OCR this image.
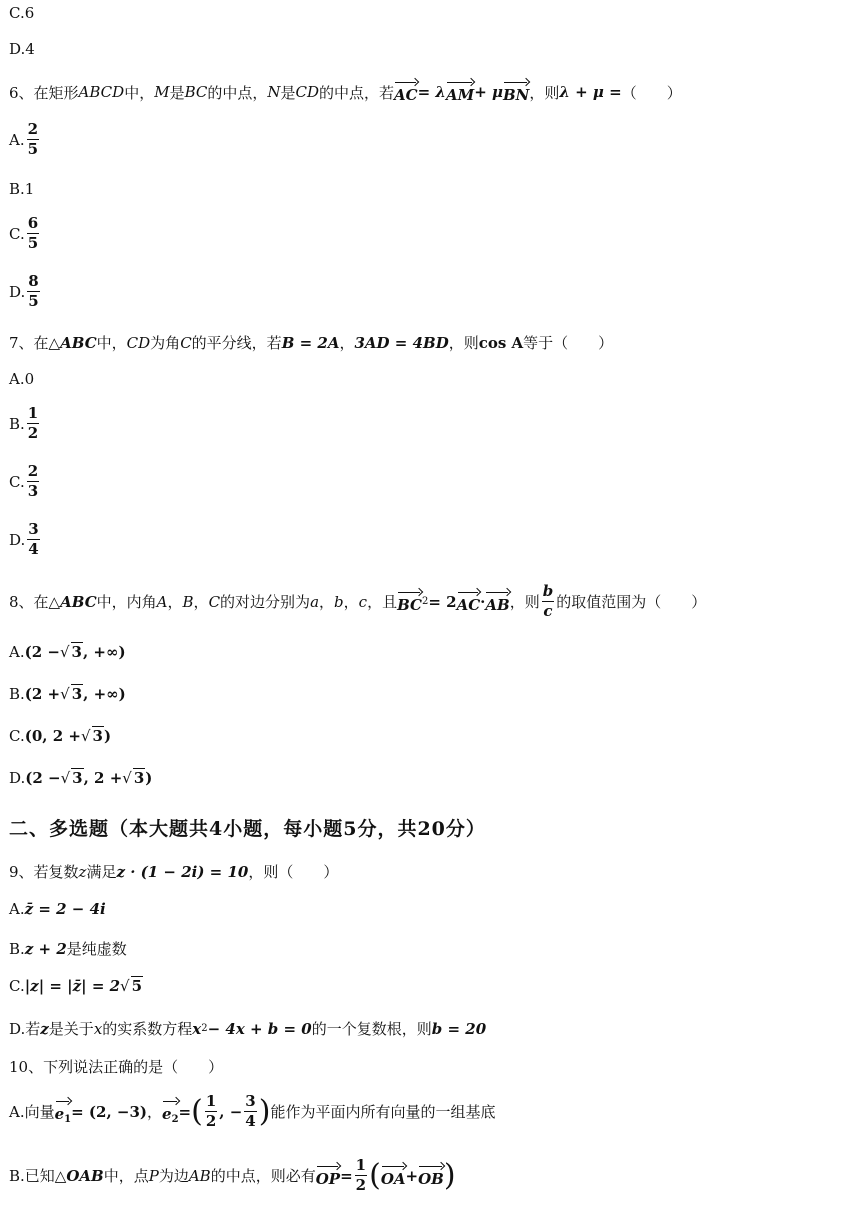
C.6
D.4
6、在矩形 ABCD 中， M 是 BC 的中点， N 是 CD 的中点，若 AC = λ AM + μ BN ，则 λ + μ = （　　）
A. $\frac{2}{5}$
B.1
C. $\frac{6}{5}$
D. $\frac{8}{5}$
7、在△ ABC 中， CD 为角 C 的平分线，若 B = 2A ， 3AD = 4BD ，则 cos A 等于（　　）
A.0
B. $\frac{1}{2}$
C. $\frac{2}{3}$
D. $\frac{3}{4}$
8、在△ ABC 中，内角 A ， B ， C 的对边分别为 a ， b ， c ，且 BC 2 = 2 AC · AB ，则 $\frac{b}{c}$ 的取值范围为（　　）
A. (2 − √ 3 , +∞)
B. (2 + √ 3 , +∞)
C. (0, 2 + √ 3 )
D. (2 − √ 3 , 2 + √ 3 )
二、多选题（本大题共4小题，每小题5分，共20分）
9、若复数 z 满足 z · (1 − 2i) = 10 ，则（　　）
A. z̄ = 2 − 4i
B. z + 2 是纯虚数
C. |z| = |z̄| = 2 √ 5
D.若 z 是关于 x 的实系数方程 x 2 − 4x + b = 0 的一个复数根，则 b = 20
10、下列说法正确的是（　　）
A.向量 $e_1 = (2$, −3) ， $e_2$ = ( $\frac{1}{2}$ , − $\frac{3}{4}$ ) 能作为平面内所有向量的一组基底
B.已知△ OAB 中，点 P 为边 AB 的中点，则必有 OP = $\frac{1}{2}$ ( OA + OB )
